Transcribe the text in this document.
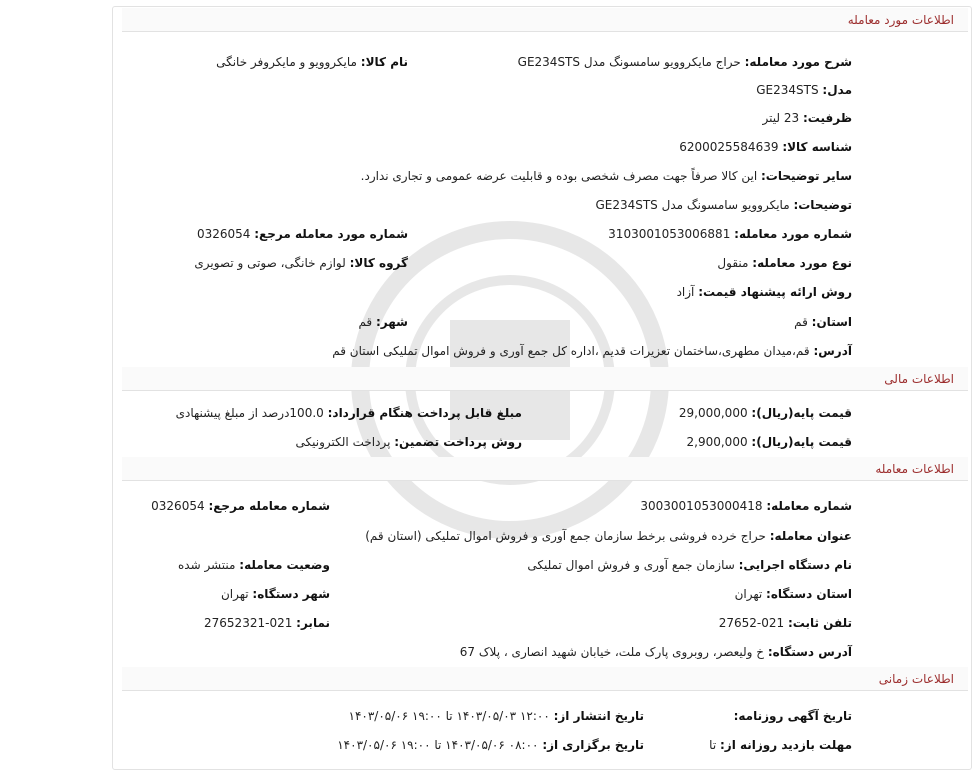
اطلاعات مورد معامله
شرح مورد معامله: حراج مایکروویو سامسونگ مدل GE234STS
نام کالا: مایکروویو و مایکروفر خانگی
مدل: GE234STS
ظرفیت: 23 لیتر
شناسه کالا: 6200025584639
سایر توضیحات: این کالا صرفاً جهت مصرف شخصی بوده و قابلیت عرضه عمومی و تجاری ندارد.
توضیحات: مایکروویو سامسونگ مدل GE234STS
شماره مورد معامله: 3103001053006881
شماره مورد معامله مرجع: 0326054
نوع مورد معامله: منقول
گروه کالا: لوازم خانگی، صوتی و تصویری
روش ارائه پیشنهاد قیمت: آزاد
استان: قم
شهر: قم
آدرس: قم،میدان مطهری،ساختمان تعزیرات قدیم ،اداره کل جمع آوری و فروش اموال تملیکی استان قم
اطلاعات مالی
قیمت پایه(ریال): 29,000,000
مبلغ قابل پرداخت هنگام قرارداد: 100.0درصد از مبلغ پیشنهادی
قیمت پایه(ریال): 2,900,000
روش پرداخت تضمین: پرداخت الکترونیکی
اطلاعات معامله
شماره معامله: 3003001053000418
شماره معامله مرجع: 0326054
عنوان معامله: حراج خرده فروشی برخط سازمان جمع آوری و فروش اموال تملیکی (استان قم)
نام دستگاه اجرایی: سازمان جمع آوری و فروش اموال تملیکی
وضعیت معامله: منتشر شده
استان دستگاه: تهران
شهر دستگاه: تهران
تلفن ثابت: 021-27652
نمابر: 021-27652321
آدرس دستگاه: خ ولیعصر، روبروی پارک ملت، خیابان شهید انصاری ، پلاک 67
اطلاعات زمانی
تاریخ آگهی روزنامه:
تاریخ انتشار از: ۱۲:۰۰ ۱۴۰۳/۰۵/۰۳ تا ۱۹:۰۰ ۱۴۰۳/۰۵/۰۶
مهلت بازدید روزانه از: تا
تاریخ برگزاری از: ۰۸:۰۰ ۱۴۰۳/۰۵/۰۶ تا ۱۹:۰۰ ۱۴۰۳/۰۵/۰۶
